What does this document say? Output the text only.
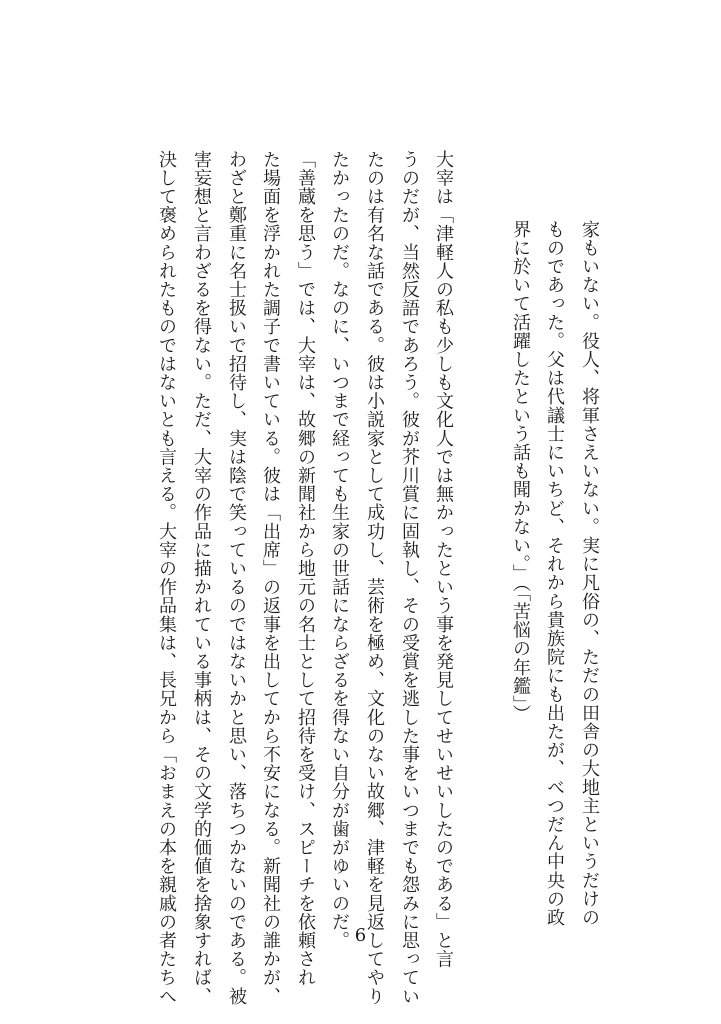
家もいない。役人、将軍さえいない。実に凡俗の、ただの田舎の大地主というだけの

ものであった。父は代議士にいちど、それから貴族院にも出たが、べつだん中央の政

界に於いて活躍したという話も聞かない。」（「苦悩の年鑑」）

大宰は「津軽人の私も少しも文化人では無かったという事を発見してせいせいしたのである」と言

うのだが、当然反語であろう。彼が芥川賞に固執し、その受賞を逃した事をいつまでも怨みに思ってい

たのは有名な話である。彼は小説家として成功し、芸術を極め、文化のない故郷、津軽を見返してやり

たかったのだ。なのに、いつまで経っても生家の世話にならざるを得ない自分が歯がゆいのだ。

「善蔵を思う」では、大宰は、故郷の新聞社から地元の名士として招待を受け、スピーチを依頼され

た場面を浮かれた調子で書いている。彼は「出席」の返事を出してから不安になる。新聞社の誰かが、

わざと鄭重に名士扱いで招待し、実は陰で笑っているのではないかと思い、落ちつかないのである。被

害妄想と言わざるを得ない。ただ、大宰の作品に描かれている事柄は、その文学的価値を捨象すれば、

決して褒められたものではないとも言える。大宰の作品集は、長兄から「おまえの本を親戚の者たちへ	6
